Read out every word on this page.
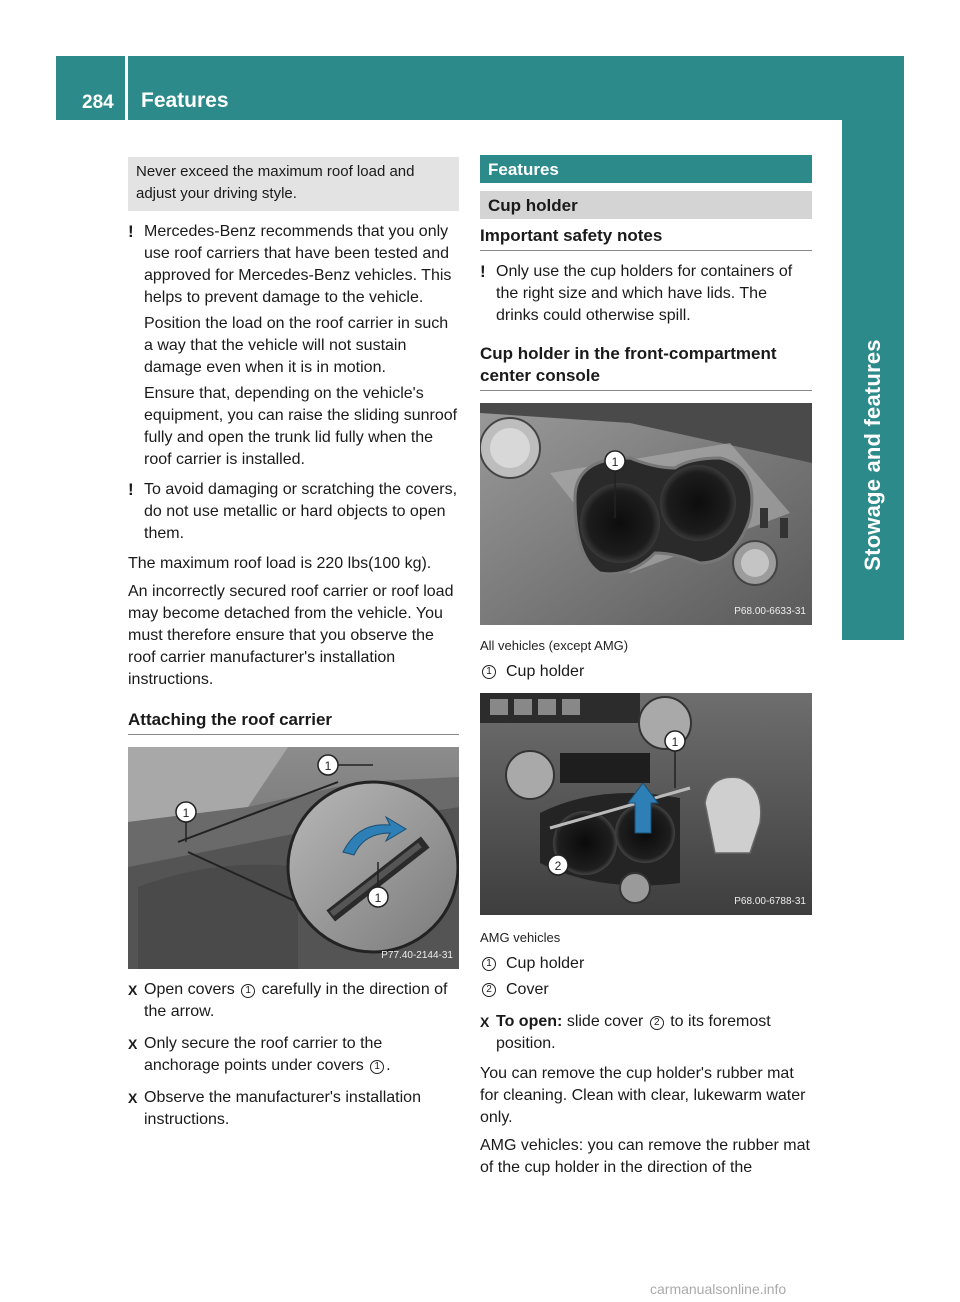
284 Features
Stowage and features
Never exceed the maximum roof load and adjust your driving style.
! Mercedes-Benz recommends that you only use roof carriers that have been tested and approved for Mercedes-Benz vehicles. This helps to prevent damage to the vehicle.

Position the load on the roof carrier in such a way that the vehicle will not sustain damage even when it is in motion.

Ensure that, depending on the vehicle's equipment, you can raise the sliding sunroof fully and open the trunk lid fully when the roof carrier is installed.

! To avoid damaging or scratching the covers, do not use metallic or hard objects to open them.

The maximum roof load is 220 lbs(100 kg).

An incorrectly secured roof carrier or roof load may become detached from the vehicle. You must therefore ensure that you observe the roof carrier manufacturer's installation instructions.

Attaching the roof carrier
1
1
1
P77.40-2144-31
X Open covers 1 carefully in the direction of the arrow.
X Only secure the roof carrier to the anchorage points under covers 1 .
X Observe the manufacturer's installation instructions.
Features
Cup holder
Important safety notes
! Only use the cup holders for containers of the right size and which have lids. The drinks could otherwise spill.

Cup holder in the front-compartment center console
1
P68.00-6633-31
All vehicles (except AMG)
1 Cup holder
1
2
P68.00-6788-31
AMG vehicles
1 Cup holder
2 Cover
X To open: slide cover 2 to its foremost position.

You can remove the cup holder's rubber mat for cleaning. Clean with clear, lukewarm water only.

AMG vehicles: you can remove the rubber mat of the cup holder in the direction of the

carmanualsonline.info
